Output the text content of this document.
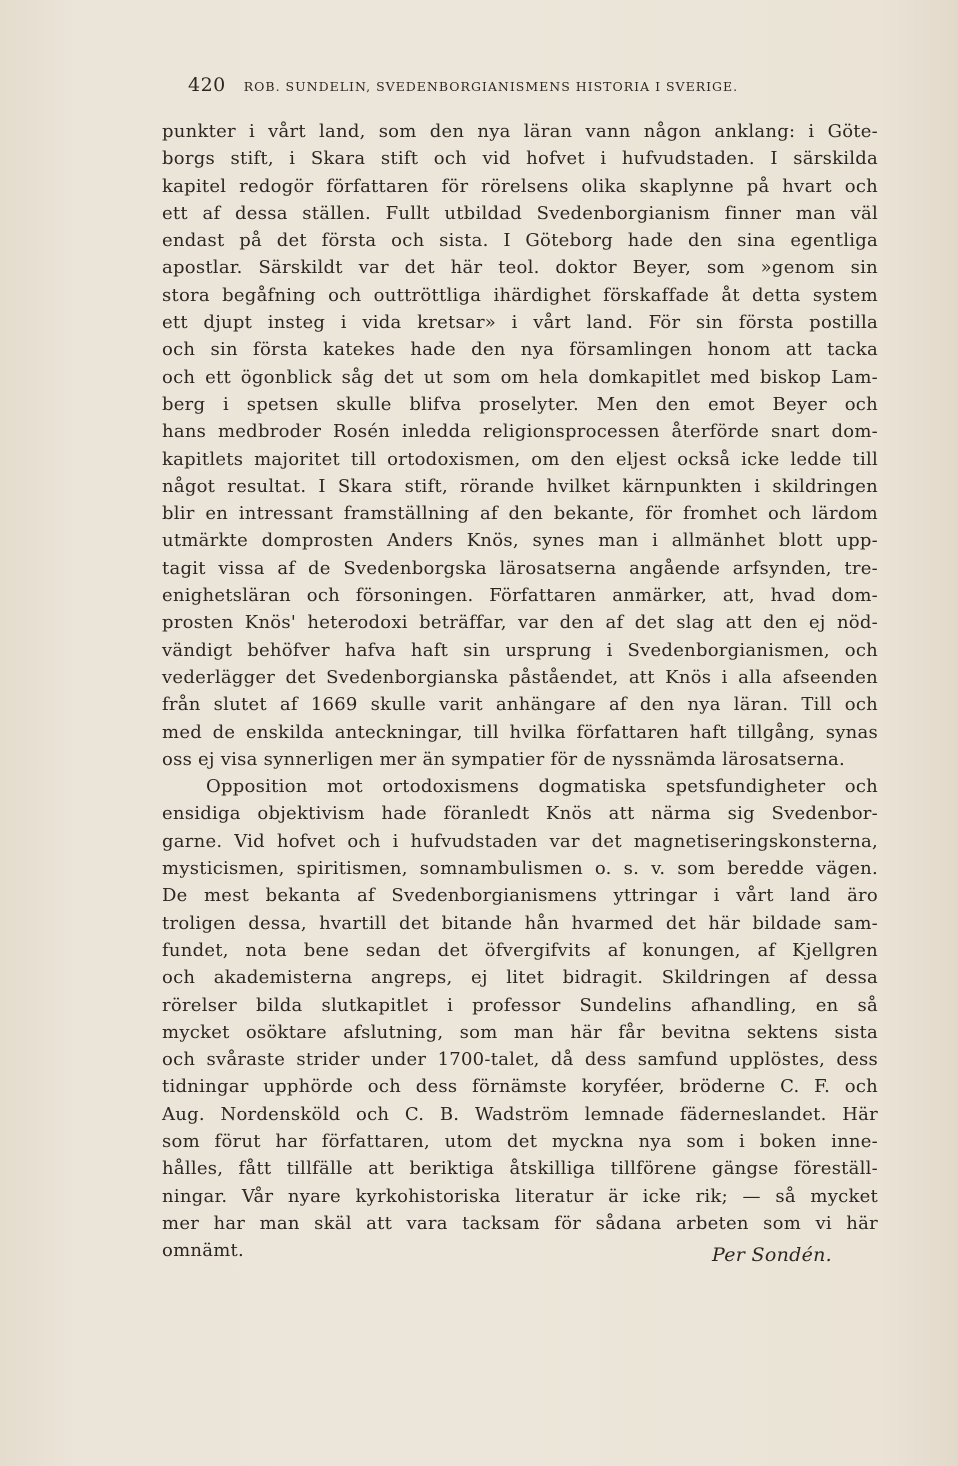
420 ROB. SUNDELIN, SVEDENBORGIANISMENS HISTORIA I SVERIGE.
punkter i vårt land, som den nya läran vann någon anklang: i Göte-
borgs stift, i Skara stift och vid hofvet i hufvudstaden. I särskilda
kapitel redogör författaren för rörelsens olika skaplynne på hvart och
ett af dessa ställen. Fullt utbildad Svedenborgianism finner man väl
endast på det första och sista. I Göteborg hade den sina egentliga
apostlar. Särskildt var det här teol. doktor Beyer, som »genom sin
stora begåfning och outtröttliga ihärdighet förskaffade åt detta system
ett djupt insteg i vida kretsar» i vårt land. För sin första postilla
och sin första katekes hade den nya församlingen honom att tacka
och ett ögonblick såg det ut som om hela domkapitlet med biskop Lam-
berg i spetsen skulle blifva proselyter. Men den emot Beyer och
hans medbroder Rosén inledda religionsprocessen återförde snart dom-
kapitlets majoritet till ortodoxismen, om den eljest också icke ledde till
något resultat. I Skara stift, rörande hvilket kärnpunkten i skildringen
blir en intressant framställning af den bekante, för fromhet och lärdom
utmärkte domprosten Anders Knös, synes man i allmänhet blott upp-
tagit vissa af de Svedenborgska lärosatserna angående arfsynden, tre-
enighetsläran och försoningen. Författaren anmärker, att, hvad dom-
prosten Knös' heterodoxi beträffar, var den af det slag att den ej nöd-
vändigt behöfver hafva haft sin ursprung i Svedenborgianismen, och
vederlägger det Svedenborgianska påståendet, att Knös i alla afseenden
från slutet af 1669 skulle varit anhängare af den nya läran. Till och
med de enskilda anteckningar, till hvilka författaren haft tillgång, synas
oss ej visa synnerligen mer än sympatier för de nyssnämda lärosatserna.
Opposition mot ortodoxismens dogmatiska spetsfundigheter och
ensidiga objektivism hade föranledt Knös att närma sig Svedenbor-
garne. Vid hofvet och i hufvudstaden var det magnetiseringskonsterna,
mysticismen, spiritismen, somnambulismen o. s. v. som beredde vägen.
De mest bekanta af Svedenborgianismens yttringar i vårt land äro
troligen dessa, hvartill det bitande hån hvarmed det här bildade sam-
fundet, nota bene sedan det öfvergifvits af konungen, af Kjellgren
och akademisterna angreps, ej litet bidragit. Skildringen af dessa
rörelser bilda slutkapitlet i professor Sundelins afhandling, en så
mycket osöktare afslutning, som man här får bevitna sektens sista
och svåraste strider under 1700-talet, då dess samfund upplöstes, dess
tidningar upphörde och dess förnämste koryféer, bröderne C. F. och
Aug. Nordensköld och C. B. Wadström lemnade fäderneslandet. Här
som förut har författaren, utom det myckna nya som i boken inne-
hålles, fått tillfälle att beriktiga åtskilliga tillförene gängse föreställ-
ningar. Vår nyare kyrkohistoriska literatur är icke rik; — så mycket
mer har man skäl att vara tacksam för sådana arbeten som vi här
omnämt.	Per Sondén.
